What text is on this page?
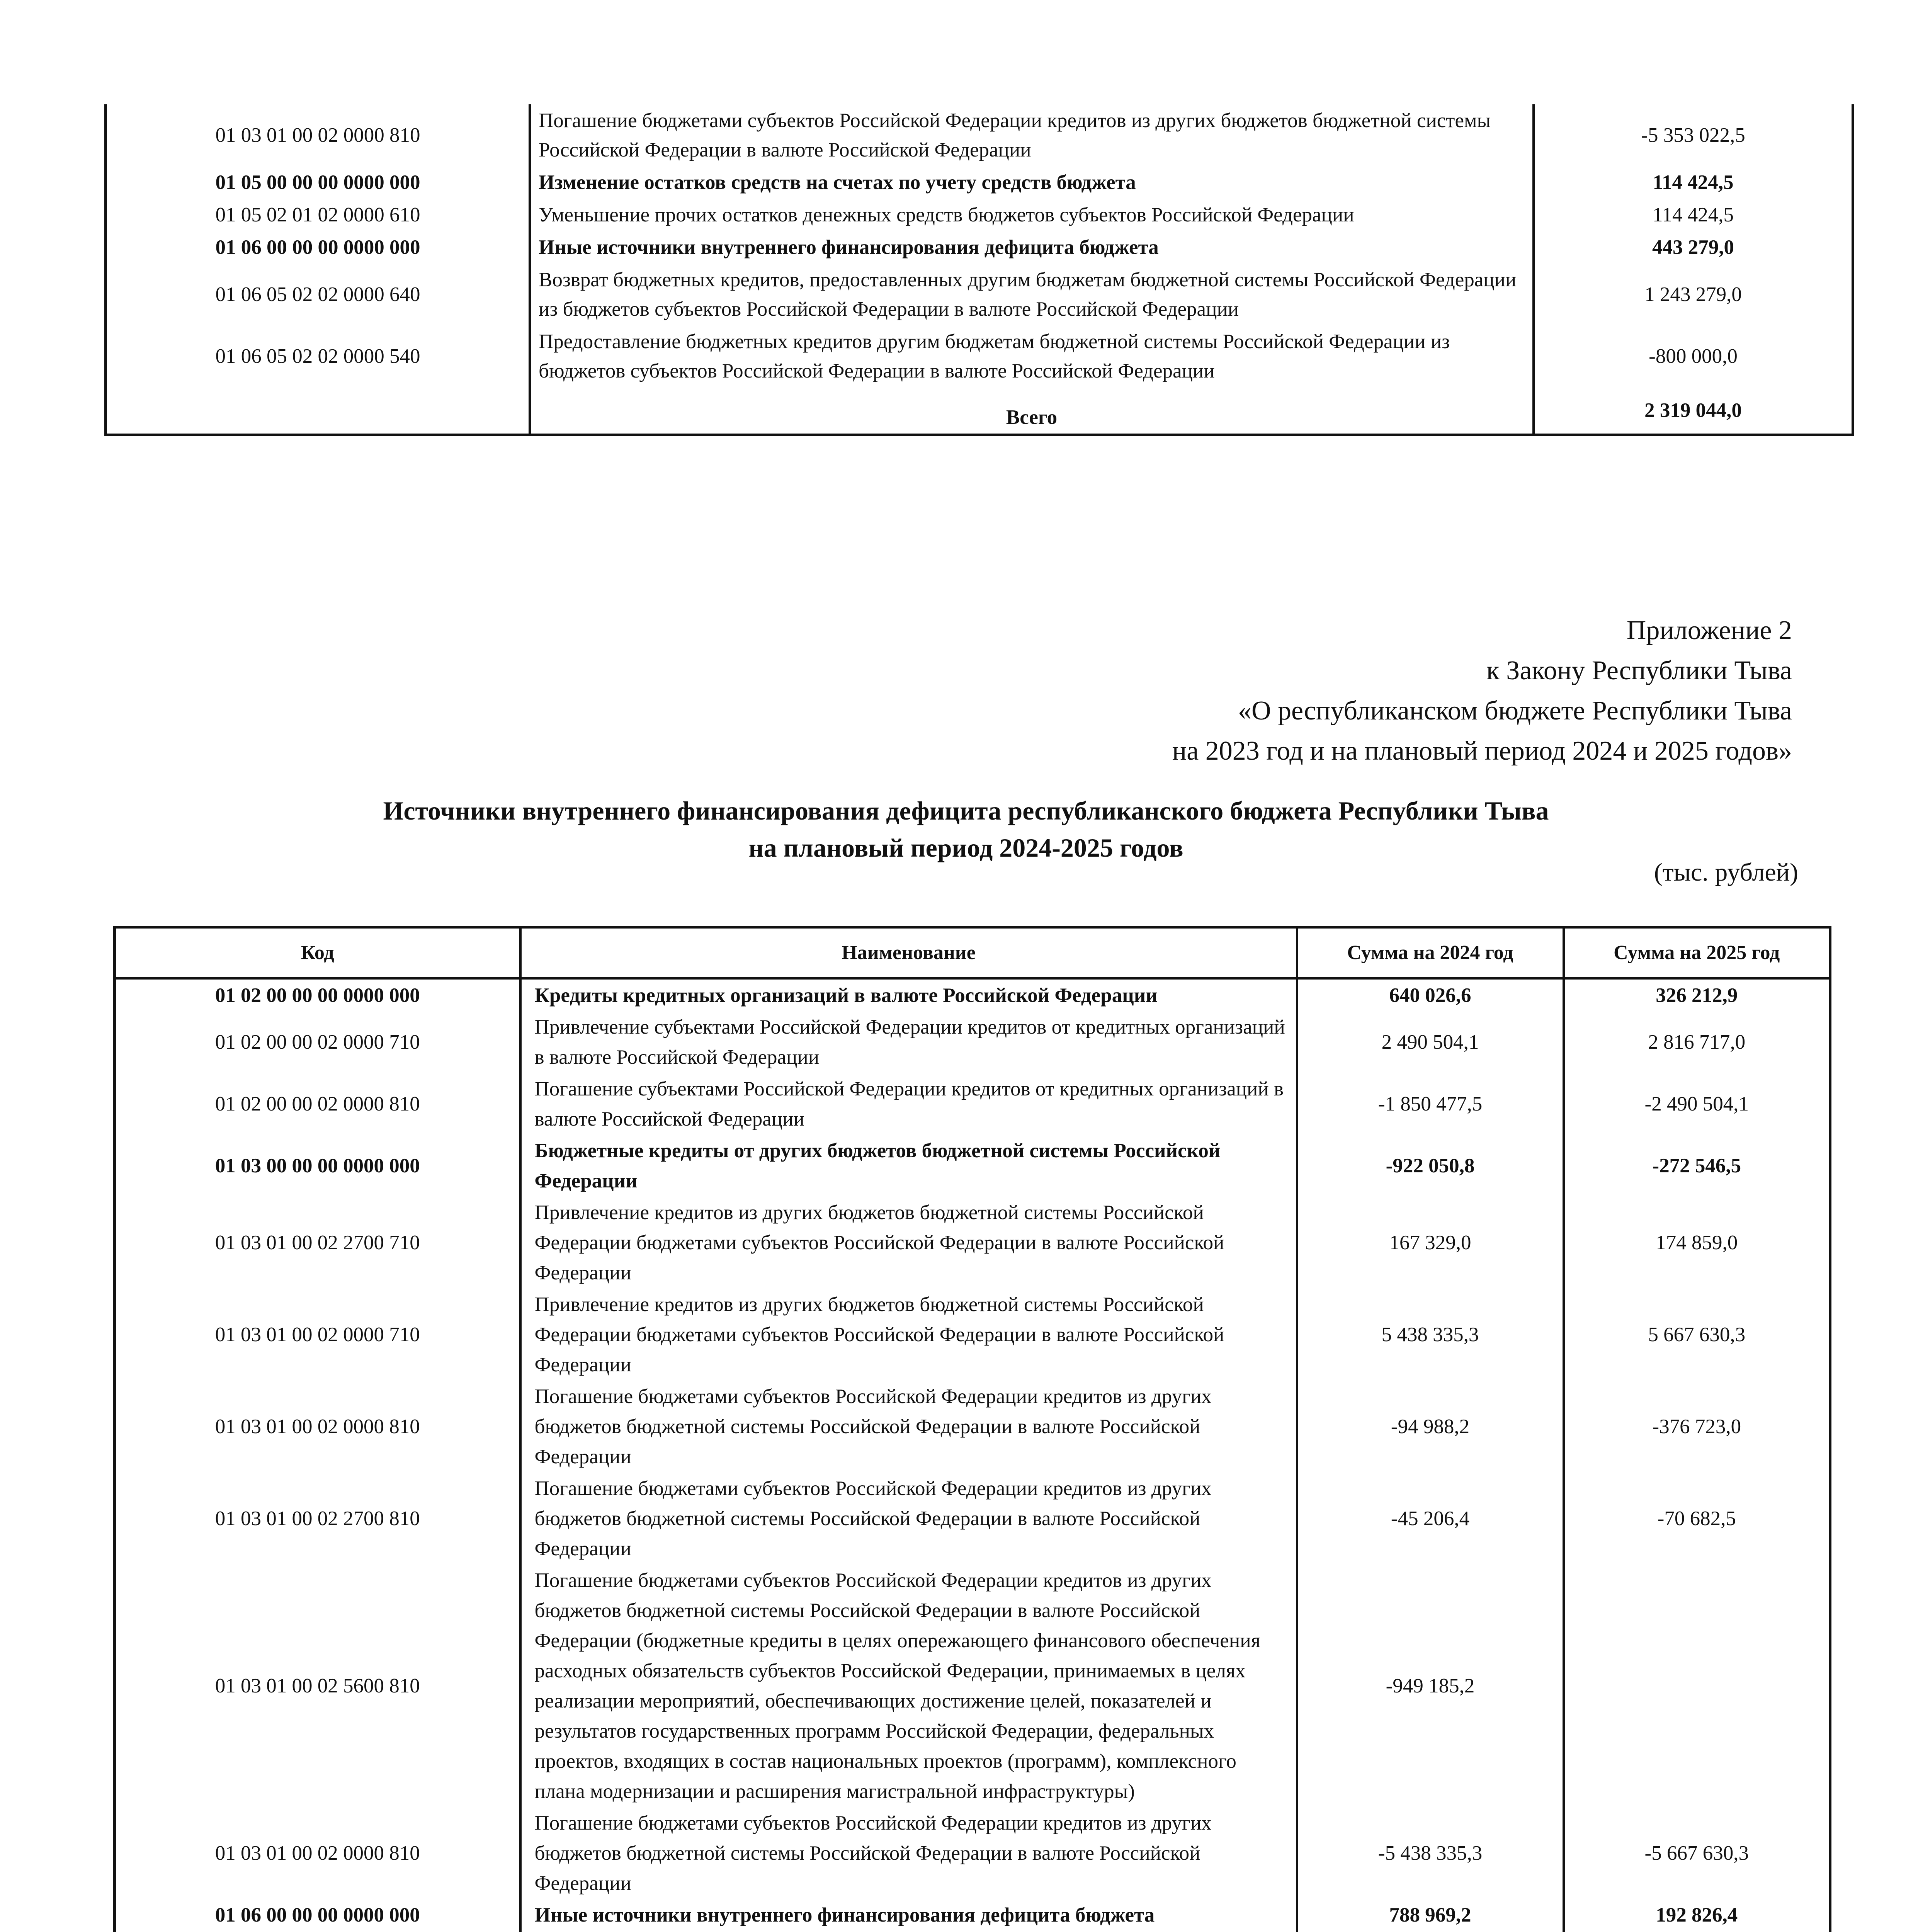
01 03 01 00 02 0000 810	Погашение бюджетами субъектов Российской Федерации кредитов из других бюджетов бюджетной системы Российской Федерации в валюте Российской Федерации	-5 353 022,5
01 05 00 00 00 0000 000	Изменение остатков средств на счетах по учету средств бюджета	114 424,5
01 05 02 01 02 0000 610	Уменьшение прочих остатков денежных средств бюджетов субъектов Российской Федерации	114 424,5
01 06 00 00 00 0000 000	Иные источники внутреннего финансирования дефицита бюджета	443 279,0
01 06 05 02 02 0000 640	Возврат бюджетных кредитов, предоставленных другим бюджетам бюджетной системы Российской Федерации из бюджетов субъектов Российской Федерации в валюте Российской Федерации	1 243 279,0
01 06 05 02 02 0000 540	Предоставление бюджетных кредитов другим бюджетам бюджетной системы Российской Федерации из бюджетов субъектов Российской Федерации в валюте Российской Федерации	-800 000,0
	Всего	2 319 044,0
Приложение 2
к Закону Республики Тыва
«О республиканском бюджете Республики Тыва
на 2023 год и на плановый период 2024 и 2025 годов»
Источники внутреннего финансирования дефицита республиканского бюджета Республики Тыва
на плановый период 2024-2025 годов
(тыс. рублей)
Код	Наименование	Сумма на 2024 год	Сумма на 2025 год
01 02 00 00 00 0000 000	Кредиты кредитных организаций в валюте Российской Федерации	640 026,6	326 212,9
01 02 00 00 02 0000 710	Привлечение субъектами Российской Федерации кредитов от кредитных организаций в валюте Российской Федерации	2 490 504,1	2 816 717,0
01 02 00 00 02 0000 810	Погашение субъектами Российской Федерации кредитов от кредитных организаций в валюте Российской Федерации	-1 850 477,5	-2 490 504,1
01 03 00 00 00 0000 000	Бюджетные кредиты от других бюджетов бюджетной системы Российской Федерации	-922 050,8	-272 546,5
01 03 01 00 02 2700 710	Привлечение кредитов из других бюджетов бюджетной системы Российской Федерации бюджетами субъектов Российской Федерации в валюте Российской Федерации	167 329,0	174 859,0
01 03 01 00 02 0000 710	Привлечение кредитов из других бюджетов бюджетной системы Российской Федерации бюджетами субъектов Российской Федерации в валюте Российской Федерации	5 438 335,3	5 667 630,3
01 03 01 00 02 0000 810	Погашение бюджетами субъектов Российской Федерации кредитов из других бюджетов бюджетной системы Российской Федерации в валюте Российской Федерации	-94 988,2	-376 723,0
01 03 01 00 02 2700 810	Погашение бюджетами субъектов Российской Федерации кредитов из других бюджетов бюджетной системы Российской Федерации в валюте Российской Федерации	-45 206,4	-70 682,5
01 03 01 00 02 5600 810	Погашение бюджетами субъектов Российской Федерации кредитов из других бюджетов бюджетной системы Российской Федерации в валюте Российской Федерации (бюджетные кредиты в целях опережающего финансового обеспечения расходных обязательств субъектов Российской Федерации, принимаемых в целях реализации мероприятий, обеспечивающих достижение целей, показателей и результатов государственных программ Российской Федерации, федеральных проектов, входящих в состав национальных проектов (программ), комплексного плана модернизации и расширения магистральной инфраструктуры)	-949 185,2	
01 03 01 00 02 0000 810	Погашение бюджетами субъектов Российской Федерации кредитов из других бюджетов бюджетной системы Российской Федерации в валюте Российской Федерации	-5 438 335,3	-5 667 630,3
01 06 00 00 00 0000 000	Иные источники внутреннего финансирования дефицита бюджета	788 969,2	192 826,4
